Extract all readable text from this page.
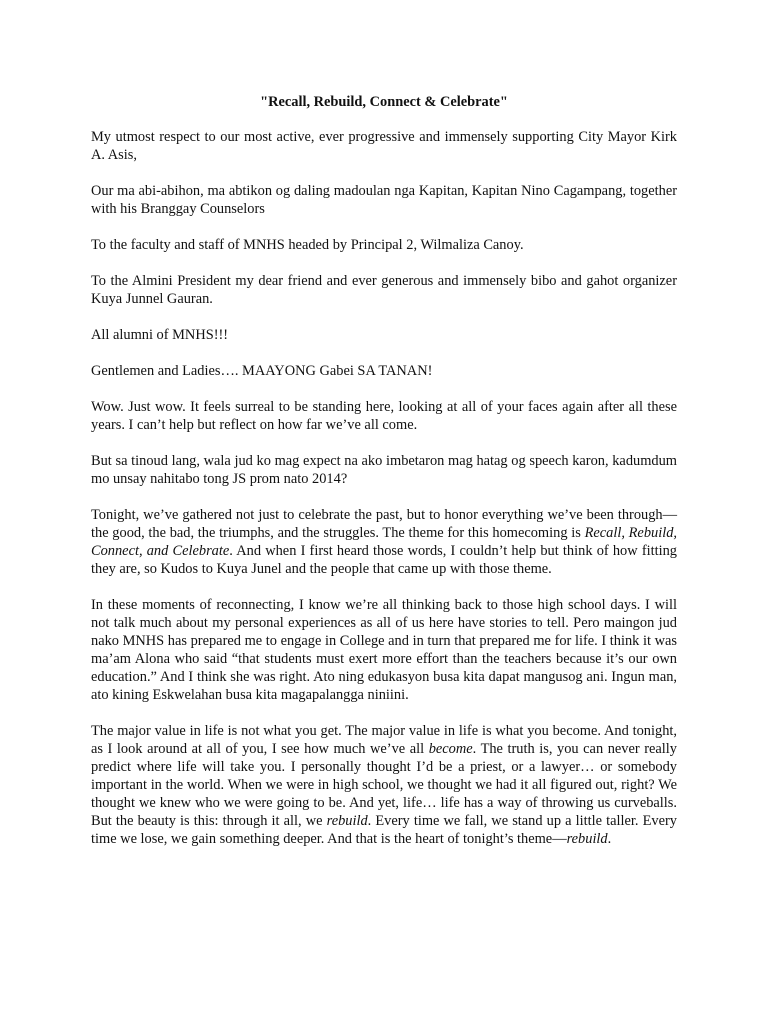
"Recall, Rebuild, Connect & Celebrate"

My utmost respect to our most active, ever progressive and immensely supporting City Mayor Kirk A. Asis,

Our ma abi-abihon, ma abtikon og daling madoulan nga Kapitan, Kapitan Nino Cagampang, together with his Branggay Counselors

To the faculty and staff of MNHS headed by Principal 2, Wilmaliza Canoy.

To the Almini President my dear friend and ever generous and immensely bibo and gahot organizer Kuya Junnel Gauran.

All alumni of MNHS!!!

Gentlemen and Ladies…. MAAYONG Gabei SA TANAN!

Wow. Just wow. It feels surreal to be standing here, looking at all of your faces again after all these years. I can’t help but reflect on how far we’ve all come.

But sa tinoud lang, wala jud ko mag expect na ako imbetaron mag hatag og speech karon, kadumdum mo unsay nahitabo tong JS prom nato 2014?

Tonight, we’ve gathered not just to celebrate the past, but to honor everything we’ve been through—the good, the bad, the triumphs, and the struggles. The theme for this homecoming is Recall, Rebuild, Connect, and Celebrate. And when I first heard those words, I couldn’t help but think of how fitting they are, so Kudos to Kuya Junel and the people that came up with those theme.

In these moments of reconnecting, I know we’re all thinking back to those high school days. I will not talk much about my personal experiences as all of us here have stories to tell. Pero maingon jud nako MNHS has prepared me to engage in College and in turn that prepared me for life. I think it was ma’am Alona who said “that students must exert more effort than the teachers because it’s our own education.” And I think she was right. Ato ning edukasyon busa kita dapat mangusog ani. Ingun man, ato kining Eskwelahan busa kita magapalangga niniini.

The major value in life is not what you get. The major value in life is what you become. And tonight, as I look around at all of you, I see how much we’ve all become. The truth is, you can never really predict where life will take you. I personally thought I’d be a priest, or a lawyer… or somebody important in the world. When we were in high school, we thought we had it all figured out, right? We thought we knew who we were going to be. And yet, life… life has a way of throwing us curveballs. But the beauty is this: through it all, we rebuild. Every time we fall, we stand up a little taller. Every time we lose, we gain something deeper. And that is the heart of tonight’s theme—rebuild.
